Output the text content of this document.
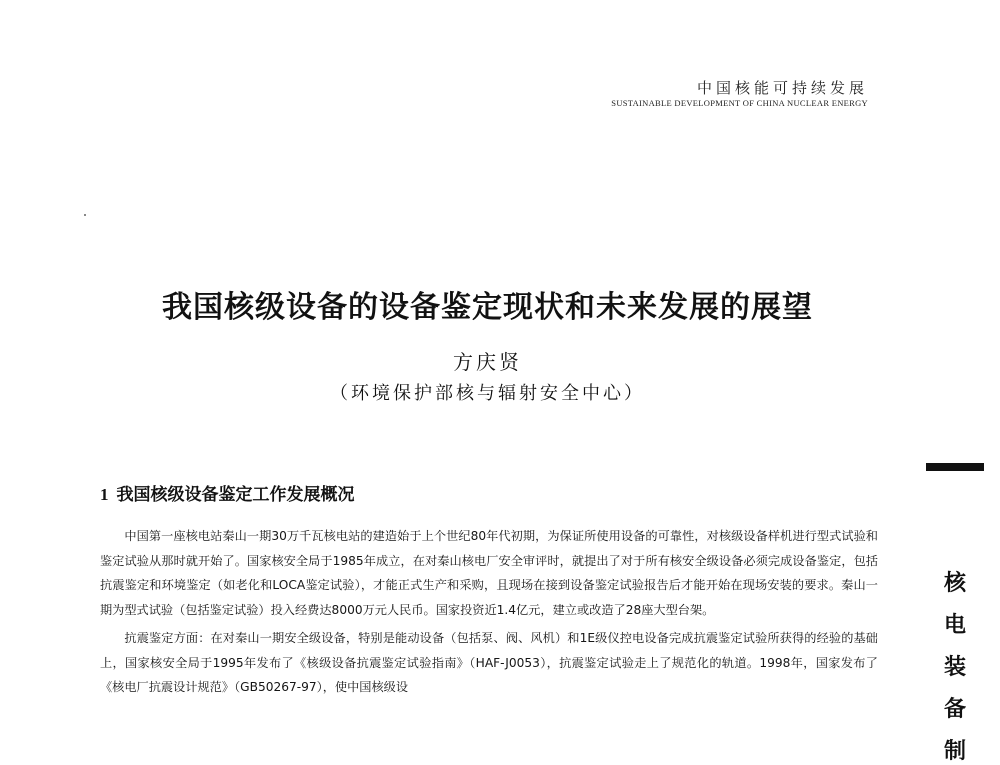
中国核能可持续发展
SUSTAINABLE DEVELOPMENT OF CHINA NUCLEAR ENERGY
我国核级设备的设备鉴定现状和未来发展的展望
方庆贤
（环境保护部核与辐射安全中心）
1 我国核级设备鉴定工作发展概况

中国第一座核电站秦山一期30万千瓦核电站的建造始于上个世纪80年代初期，为保证所使用设备的可靠性，对核级设备样机进行型式试验和鉴定试验从那时就开始了。国家核安全局于1985年成立，在对秦山核电厂安全审评时，就提出了对于所有核安全级设备必须完成设备鉴定，包括抗震鉴定和环境鉴定（如老化和LOCA鉴定试验），才能正式生产和采购，且现场在接到设备鉴定试验报告后才能开始在现场安装的要求。秦山一期为型式试验（包括鉴定试验）投入经费达8000万元人民币。国家投资近1.4亿元，建立或改造了28座大型台架。

抗震鉴定方面：在对秦山一期安全级设备，特别是能动设备（包括泵、阀、风机）和1E级仪控电设备完成抗震鉴定试验所获得的经验的基础上，国家核安全局于1995年发布了《核级设备抗震鉴定试验指南》（HAF-J0053），抗震鉴定试验走上了规范化的轨道。1998年，国家发布了《核电厂抗震设计规范》（GB50267-97），使中国核级设

核
电
装
备
制
